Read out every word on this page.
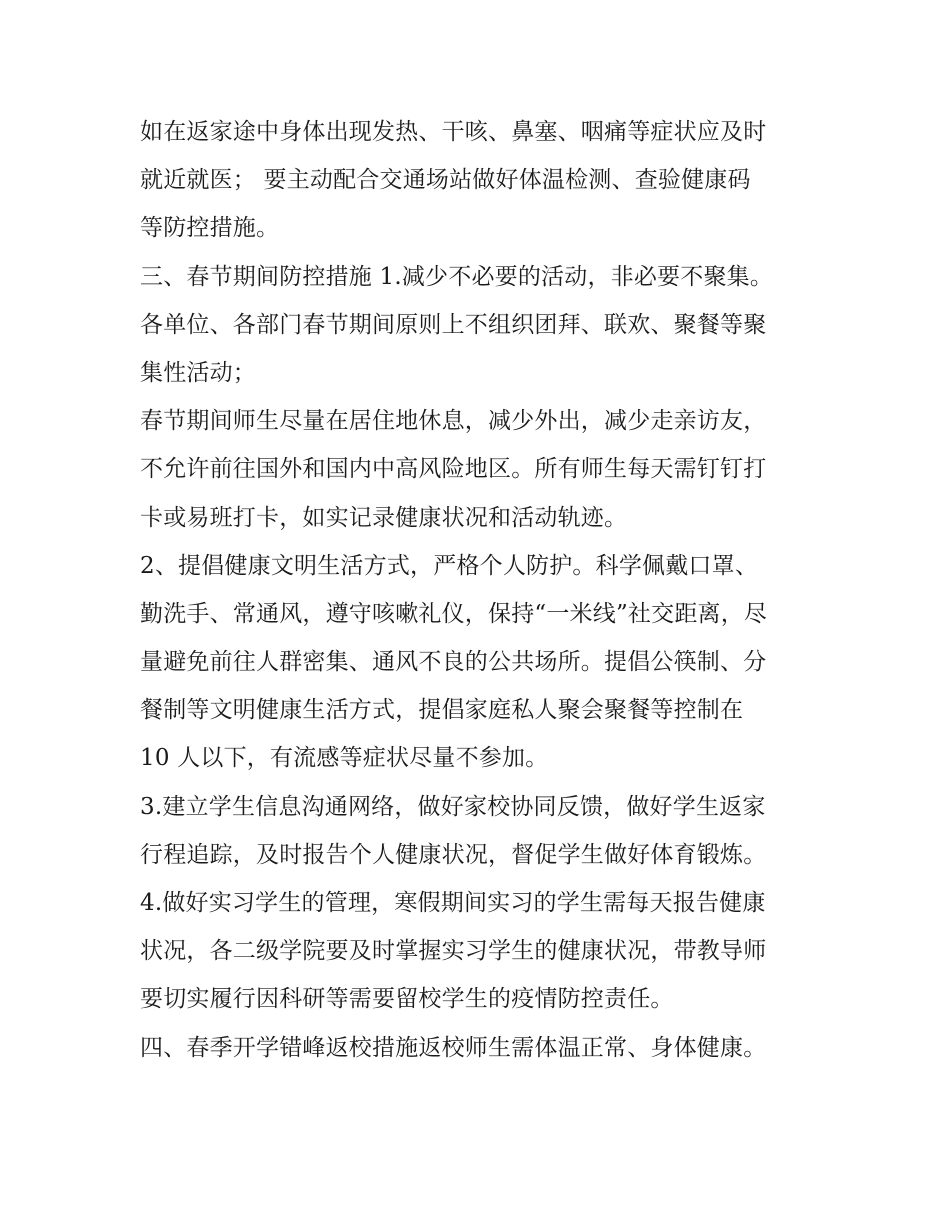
如在返家途中身体出现发热、干咳、鼻塞、咽痛等症状应及时
就近就医； 要主动配合交通场站做好体温检测、查验健康码
等防控措施。
三、春节期间防控措施 1.减少不必要的活动，非必要不聚集。
各单位、各部门春节期间原则上不组织团拜、联欢、聚餐等聚
集性活动；
春节期间师生尽量在居住地休息，减少外出，减少走亲访友，
不允许前往国外和国内中高风险地区。所有师生每天需钉钉打
卡或易班打卡，如实记录健康状况和活动轨迹。
2、提倡健康文明生活方式，严格个人防护。科学佩戴口罩、
勤洗手、常通风，遵守咳嗽礼仪，保持“一米线”社交距离，尽
量避免前往人群密集、通风不良的公共场所。提倡公筷制、分
餐制等文明健康生活方式，提倡家庭私人聚会聚餐等控制在
10 人以下，有流感等症状尽量不参加。
3.建立学生信息沟通网络，做好家校协同反馈，做好学生返家
行程追踪，及时报告个人健康状况，督促学生做好体育锻炼。
4.做好实习学生的管理，寒假期间实习的学生需每天报告健康
状况，各二级学院要及时掌握实习学生的健康状况，带教导师
要切实履行因科研等需要留校学生的疫情防控责任。
四、春季开学错峰返校措施返校师生需体温正常、身体健康。
